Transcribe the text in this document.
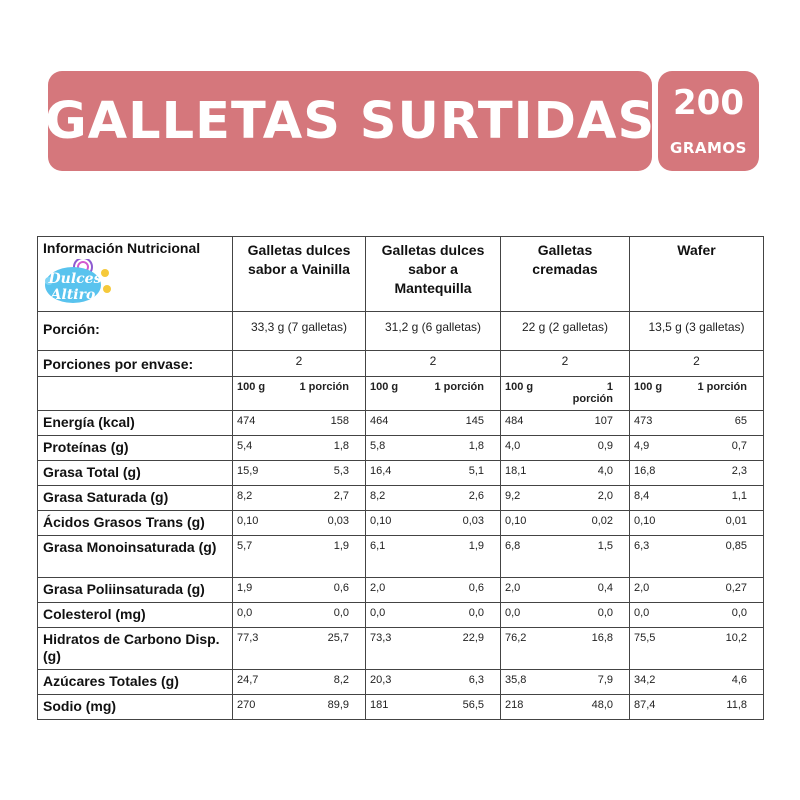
GALLETAS SURTIDAS 200
GRAMOS
Información Nutricional
Dulces
Altiro	Galletas dulces sabor a Vainilla	Galletas dulces sabor a Mantequilla	Galletas cremadas	Wafer
Porción:	33,3 g (7 galletas)	31,2 g (6 galletas)	22 g (2 galletas)	13,5 g (3 galletas)
Porciones por envase:	2	2	2	2

	100 g 1 porción	100 g 1 porción	100 g 1 porción	100 g 1 porción

Energía (kcal)	474 158	464 145	484 107	473 65

Proteínas (g)	5,4 1,8	5,8 1,8	4,0 0,9	4,9 0,7

Grasa Total (g)	15,9 5,3	16,4 5,1	18,1 4,0	16,8 2,3

Grasa Saturada (g)	8,2 2,7	8,2 2,6	9,2 2,0	8,4 1,1

Ácidos Grasos Trans (g)	0,10 0,03	0,10 0,03	0,10 0,02	0,10 0,01

Grasa Monoinsaturada (g)	5,7 1,9	6,1 1,9	6,8 1,5	6,3 0,85

Grasa Poliinsaturada (g)	1,9 0,6	2,0 0,6	2,0 0,4	2,0 0,27

Colesterol (mg)	0,0 0,0	0,0 0,0	0,0 0,0	0,0 0,0

Hidratos de Carbono Disp. (g)	77,3 25,7	73,3 22,9	76,2 16,8	75,5 10,2

Azúcares Totales (g)	24,7 8,2	20,3 6,3	35,8 7,9	34,2 4,6

Sodio (mg)	270 89,9	181 56,5	218 48,0	87,4 11,8
